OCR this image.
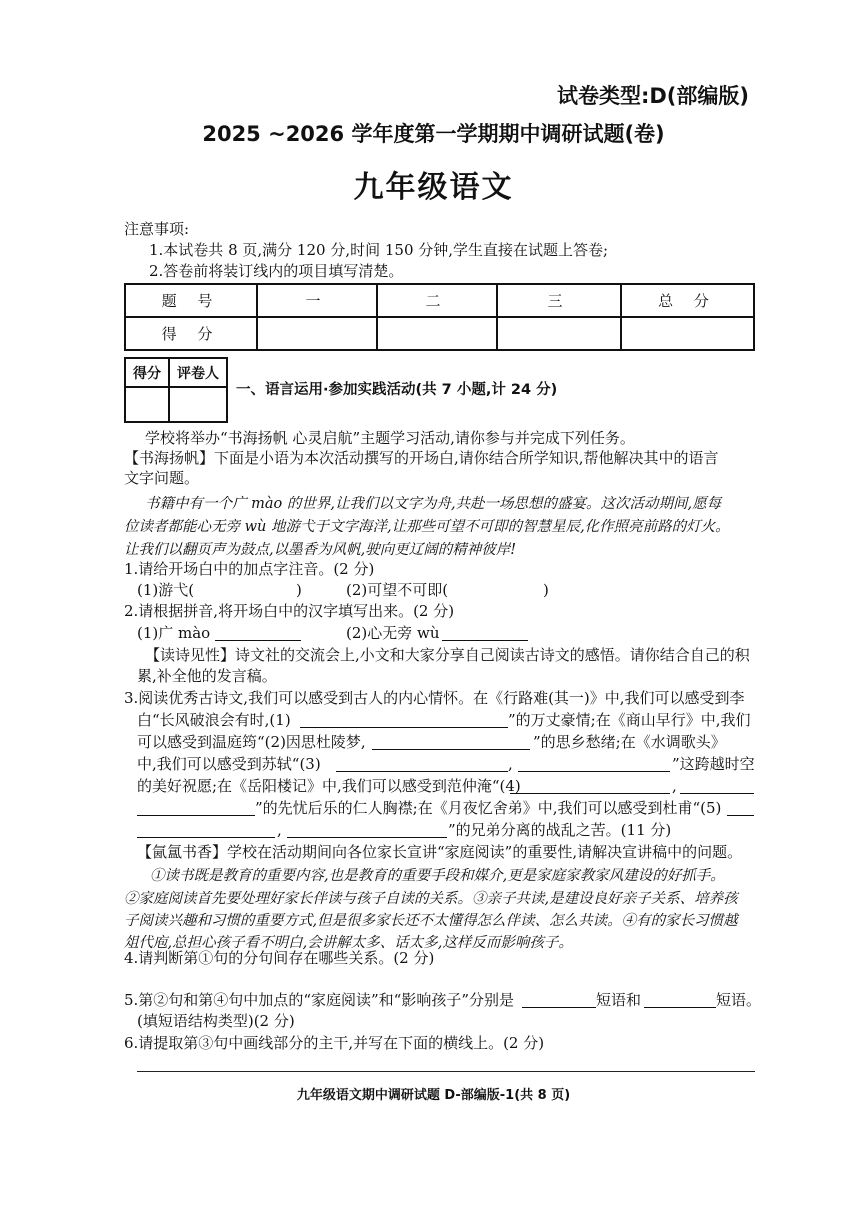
试卷类型:D(部编版)
2025 ~2026 学年度第一学期期中调研试题(卷)
九年级语文
注意事项:
1.本试卷共 8 页,满分 120 分,时间 150 分钟,学生直接在试题上答卷;
2.答卷前将装订线内的项目填写清楚。
题 号	一	二	三	总 分
得 分				
得分	评卷人

一、语言运用·参加实践活动(共 7 小题,计 24 分)
学校将举办“书海扬帆 心灵启航”主题学习活动,请你参与并完成下列任务。
【书海扬帆】下面是小语为本次活动撰写的开场白,请你结合所学知识,帮他解决其中的语言
文字问题。
书籍中有一个广 mào 的世界,让我们以文字为舟,共赴一场思想的盛宴。这次活动期间,愿每
位读者都能心无旁 wù 地游弋于文字海洋,让那些可望不可即的智慧星辰,化作照亮前路的灯火。
让我们以翻页声为鼓点,以墨香为风帆,驶向更辽阔的精神彼岸!
1.请给开场白中的加点字注音。(2 分)
(1)游弋(	)	(2)可望不可即(	)
2.请根据拼音,将开场白中的汉字填写出来。(2 分)
(1)广 mào	(2)心无旁 wù
【读诗见性】诗文社的交流会上,小文和大家分享自己阅读古诗文的感悟。请你结合自己的积
累,补全他的发言稿。
3.阅读优秀古诗文,我们可以感受到古人的内心情怀。在《行路难(其一)》中,我们可以感受到李
白“长风破浪会有时,(1)	”的万丈豪情;在《商山早行》中,我们
可以感受到温庭筠“(2)因思杜陵梦,	”的思乡愁绪;在《水调歌头》
中,我们可以感受到苏轼“(3)	,	”这跨越时空
的美好祝愿;在《岳阳楼记》中,我们可以感受到范仲淹“(4)	,
”的先忧后乐的仁人胸襟;在《月夜忆舍弟》中,我们可以感受到杜甫“(5)
,	”的兄弟分离的战乱之苦。(11 分)
【氤氲书香】学校在活动期间向各位家长宣讲“家庭阅读”的重要性,请解决宣讲稿中的问题。
①读书既是教育的重要内容,也是教育的重要手段和媒介,更是家庭家教家风建设的好抓手。
②家庭阅读首先要处理好家长伴读与孩子自读的关系。③亲子共读,是建设良好亲子关系、培养孩
子阅读兴趣和习惯的重要方式,但是很多家长还不太懂得怎么伴读、怎么共读。④有的家长习惯越
俎代庖,总担心孩子看不明白,会讲解太多、话太多,这样反而影响孩子。
4.请判断第①句的分句间存在哪些关系。(2 分)
5.第②句和第④句中加点的“家庭阅读”和“影响孩子”分别是	短语和	短语。
(填短语结构类型)(2 分)
6.请提取第③句中画线部分的主干,并写在下面的横线上。(2 分)
九年级语文期中调研试题 D-部编版-1(共 8 页)
